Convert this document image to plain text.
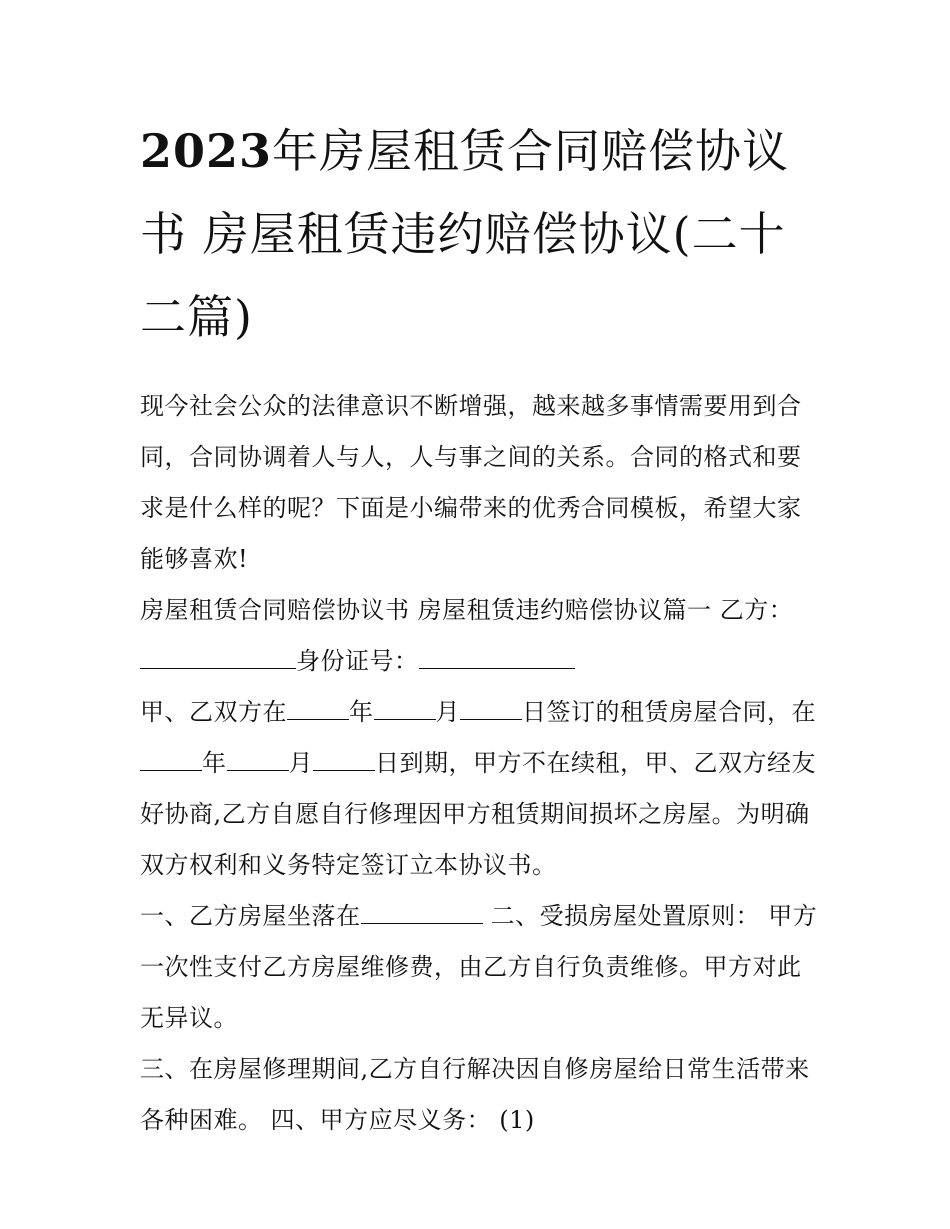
2023年房屋租赁合同赔偿协议书 房屋租赁违约赔偿协议(二十二篇)

现今社会公众的法律意识不断增强，越来越多事情需要用到合同，合同协调着人与人，人与事之间的关系。合同的格式和要求是什么样的呢？下面是小编带来的优秀合同模板，希望大家能够喜欢!

房屋租赁合同赔偿协议书 房屋租赁违约赔偿协议篇一 乙方：
身份证号：

甲、乙双方在	年	月	日签订的租赁房屋合同，在年	月	日到期，甲方不在续租，甲、乙双方经友好协商,乙方自愿自行修理因甲方租赁期间损坏之房屋。为明确双方权利和义务特定签订立本协议书。

一、乙方房屋坐落在	二、受损房屋处置原则： 甲方一次性支付乙方房屋维修费，由乙方自行负责维修。甲方对此无异议。

三、在房屋修理期间,乙方自行解决因自修房屋给日常生活带来各种困难。 四、甲方应尽义务： (1)
